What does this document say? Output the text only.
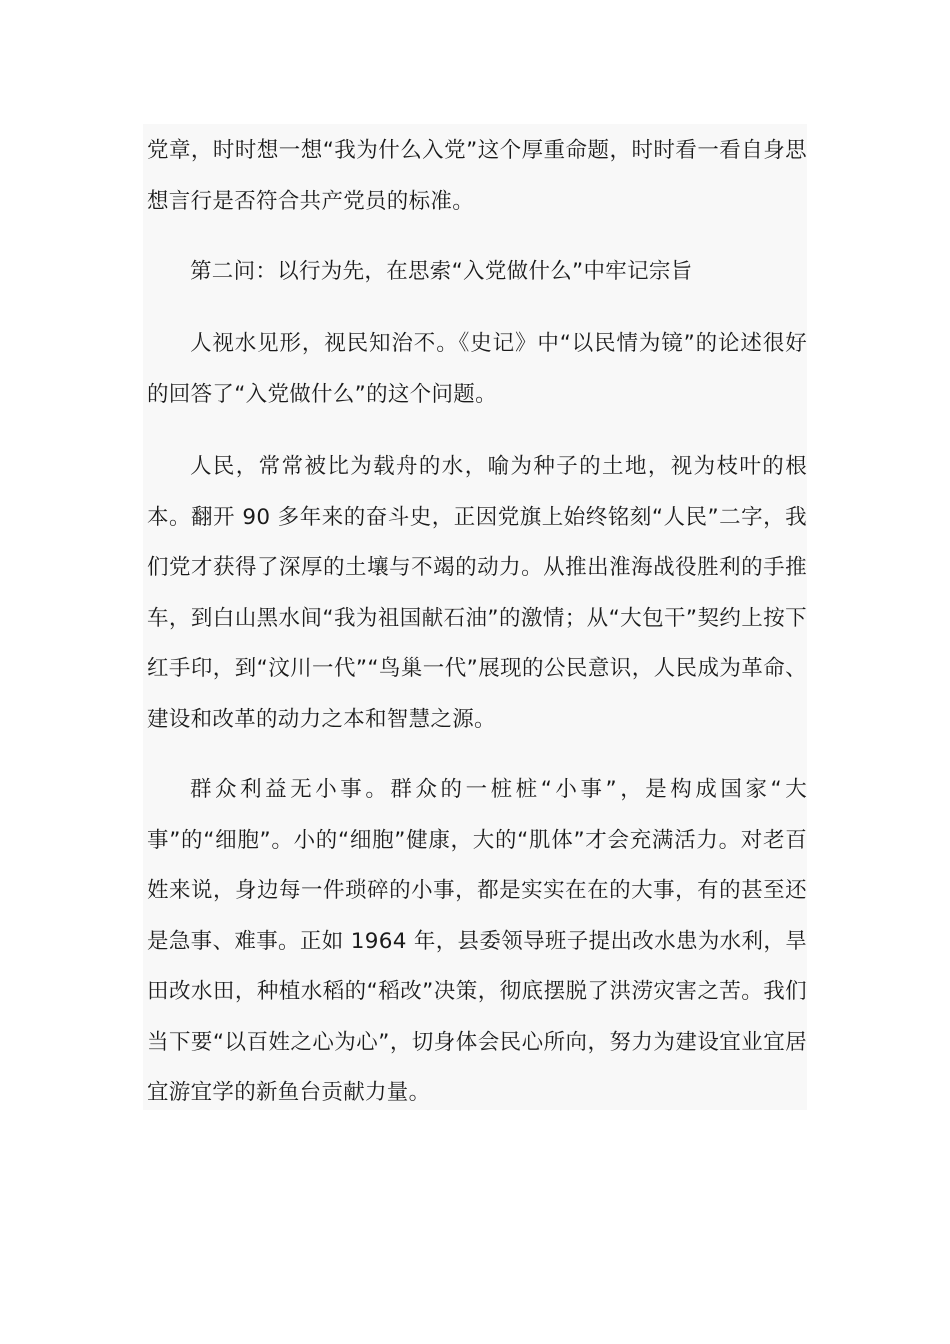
党章，时时想一想“我为什么入党”这个厚重命题，时时看一看自身思想言行是否符合共产党员的标准。

第二问：以行为先，在思索“入党做什么”中牢记宗旨

人视水见形，视民知治不。《史记》中“以民情为镜”的论述很好的回答了“入党做什么”的这个问题。

人民，常常被比为载舟的水，喻为种子的土地，视为枝叶的根本。翻开 90 多年来的奋斗史，正因党旗上始终铭刻“人民”二字，我们党才获得了深厚的土壤与不竭的动力。从推出淮海战役胜利的手推车，到白山黑水间“我为祖国献石油”的激情；从“大包干”契约上按下红手印，到“汶川一代”“鸟巢一代”展现的公民意识，人民成为革命、建设和改革的动力之本和智慧之源。

群众利益无小事。群众的一桩桩“小事”，是构成国家“大事”的“细胞”。小的“细胞”健康，大的“肌体”才会充满活力。对老百姓来说，身边每一件琐碎的小事，都是实实在在的大事，有的甚至还是急事、难事。正如 1964 年，县委领导班子提出改水患为水利，旱田改水田，种植水稻的“稻改”决策，彻底摆脱了洪涝灾害之苦。我们当下要“以百姓之心为心”，切身体会民心所向，努力为建设宜业宜居宜游宜学的新鱼台贡献力量。
